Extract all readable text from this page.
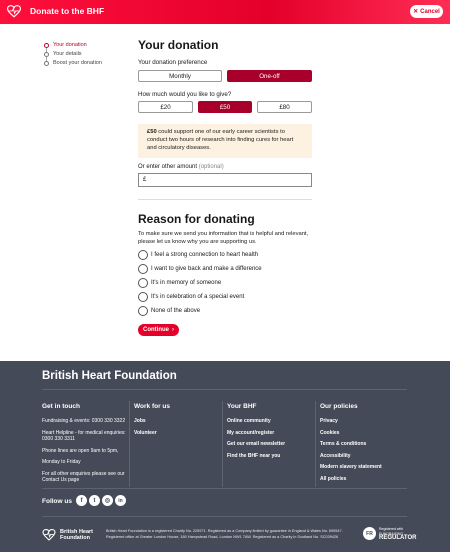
Donate to the BHF	✕ Cancel
Your donation
Your details
Boost your donation
Your donation
Your donation preference
Monthly	One-off
How much would you like to give?
£20	£50	£80
£50 could support one of our early career scientists to conduct two hours of research into finding cures for heart and circulatory diseases.
Or enter other amount (optional)
£
Reason for donating
To make sure we send you information that is helpful and relevant, please let us know why you are supporting us.
I feel a strong connection to heart health
I want to give back and make a difference
It's in memory of someone
It's in celebration of a special event
None of the above
Continue ›
British Heart Foundation
Get in touch
Fundraising & events: 0300 330 3322
Heart Helpline - for medical enquiries: 0300 330 3311
Phone lines are open 9am to 5pm,
Monday to Friday
For all other enquiries please see our Contact Us page
Work for us
Jobs
Volunteer
Your BHF
Online community
My account/register
Get our email newsletter
Find the BHF near you
Our policies
Privacy
Cookies
Terms & conditions
Accessibility
Modern slavery statement
All policies
Follow us	f	t	◎	in
British Heart Foundation
British Heart Foundation is a registered Charity No. 225971. Registered as a Company limited by guarantee in England & Wales No. 699547. Registered office at Greater London House, 180 Hampstead Road, London NW1 7AW. Registered as a Charity in Scotland No. SC039426	FR
Registered with
FUNDRAISING
REGULATOR
